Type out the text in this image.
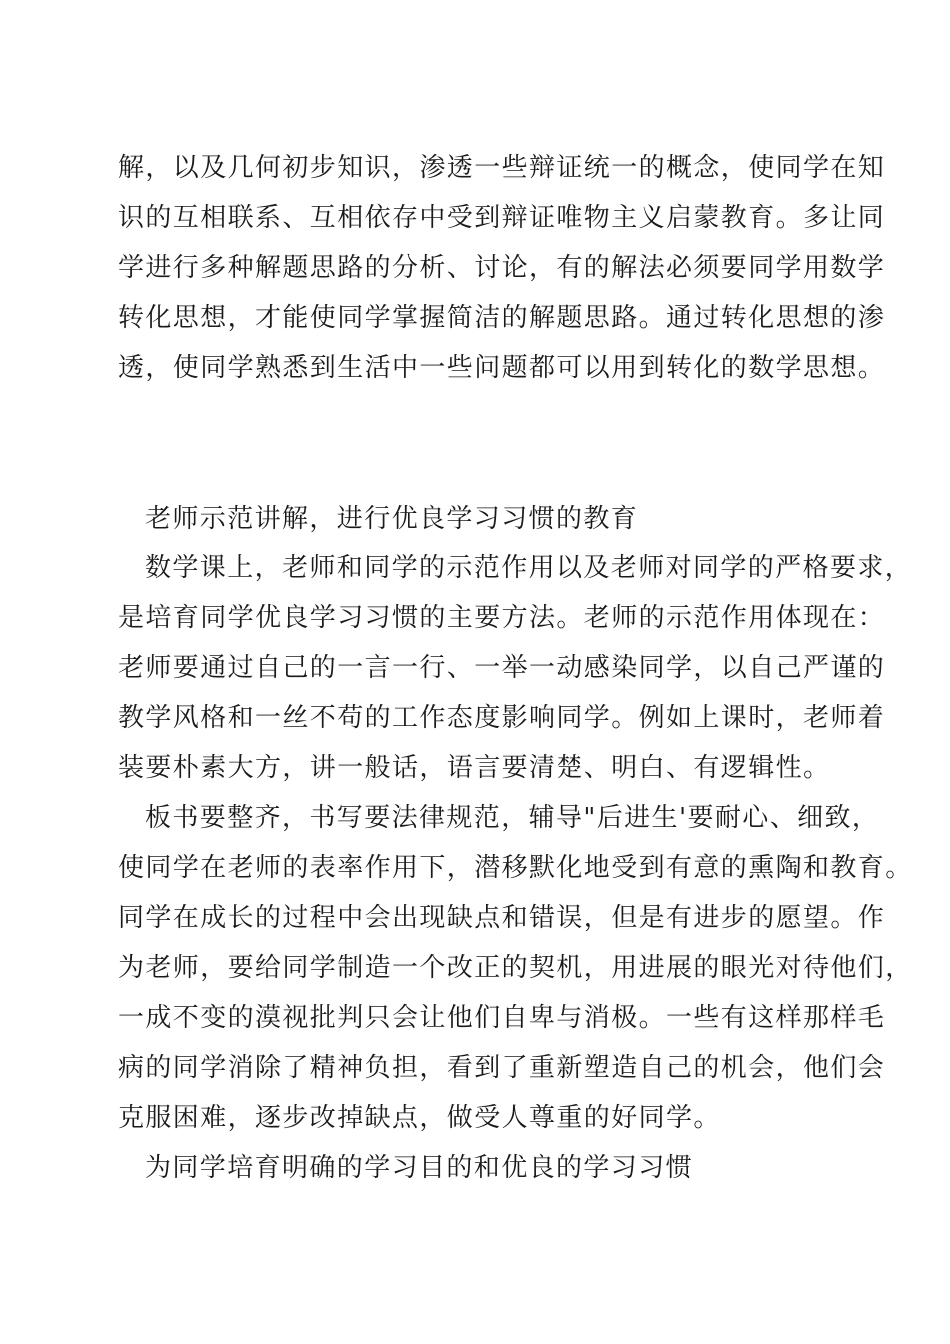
解，以及几何初步知识，渗透一些辩证统一的概念，使同学在知
识的互相联系、互相依存中受到辩证唯物主义启蒙教育。多让同
学进行多种解题思路的分析、讨论，有的解法必须要同学用数学
转化思想，才能使同学掌握简洁的解题思路。通过转化思想的渗
透，使同学熟悉到生活中一些问题都可以用到转化的数学思想。
老师示范讲解，进行优良学习习惯的教育
数学课上，老师和同学的示范作用以及老师对同学的严格要求，
是培育同学优良学习习惯的主要方法。老师的示范作用体现在：
老师要通过自己的一言一行、一举一动感染同学，以自己严谨的
教学风格和一丝不苟的工作态度影响同学。例如上课时，老师着
装要朴素大方，讲一般话，语言要清楚、明白、有逻辑性。
板书要整齐，书写要法律规范，辅导"后进生'要耐心、细致，
使同学在老师的表率作用下，潜移默化地受到有意的熏陶和教育。
同学在成长的过程中会出现缺点和错误，但是有进步的愿望。作
为老师，要给同学制造一个改正的契机，用进展的眼光对待他们，
一成不变的漠视批判只会让他们自卑与消极。一些有这样那样毛
病的同学消除了精神负担，看到了重新塑造自己的机会，他们会
克服困难，逐步改掉缺点，做受人尊重的好同学。
为同学培育明确的学习目的和优良的学习习惯
